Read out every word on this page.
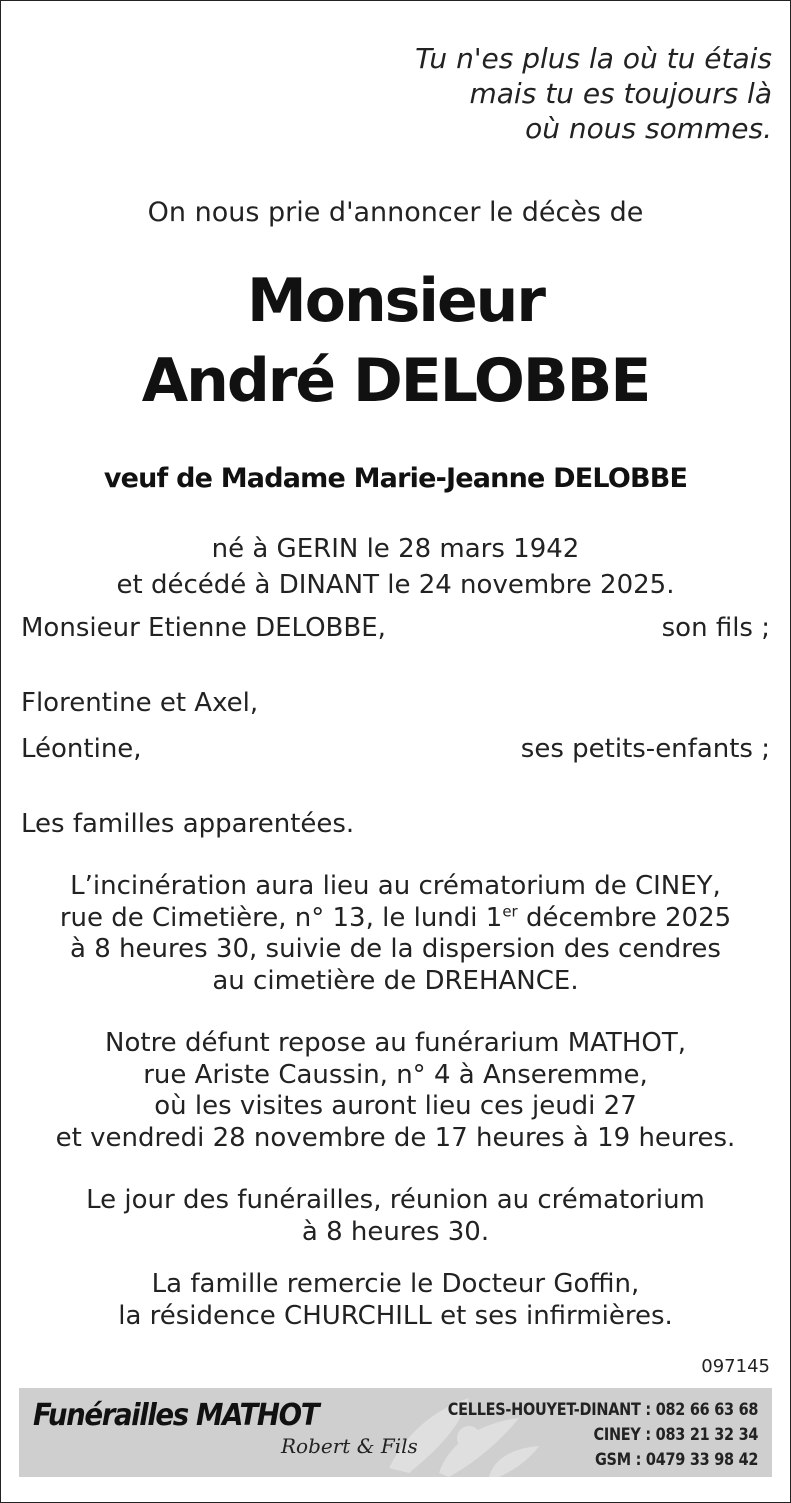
Tu n'es plus la où tu étais
mais tu es toujours là
où nous sommes.
On nous prie d'annoncer le décès de
Monsieur
André DELOBBE
veuf de Madame Marie-Jeanne DELOBBE
né à GERIN le 28 mars 1942
et décédé à DINANT le 24 novembre 2025.
Monsieur Etienne DELOBBE,	son fils ;
Florentine et Axel,
Léontine,	ses petits-enfants ;
Les familles apparentées.
L’incinération aura lieu au crématorium de CINEY,
rue de Cimetière, n° 13, le lundi 1er décembre 2025
à 8 heures 30, suivie de la dispersion des cendres
au cimetière de DREHANCE.
Notre défunt repose au funérarium MATHOT,
rue Ariste Caussin, n° 4 à Anseremme,
où les visites auront lieu ces jeudi 27
et vendredi 28 novembre de 17 heures à 19 heures.
Le jour des funérailles, réunion au crématorium
à 8 heures 30.
La famille remercie le Docteur Goffin,
la résidence CHURCHILL et ses infirmières.
097145
Funérailles MATHOT
Robert & Fils
CELLES-HOUYET-DINANT : 082 66 63 68
CINEY : 083 21 32 34
GSM : 0479 33 98 42
